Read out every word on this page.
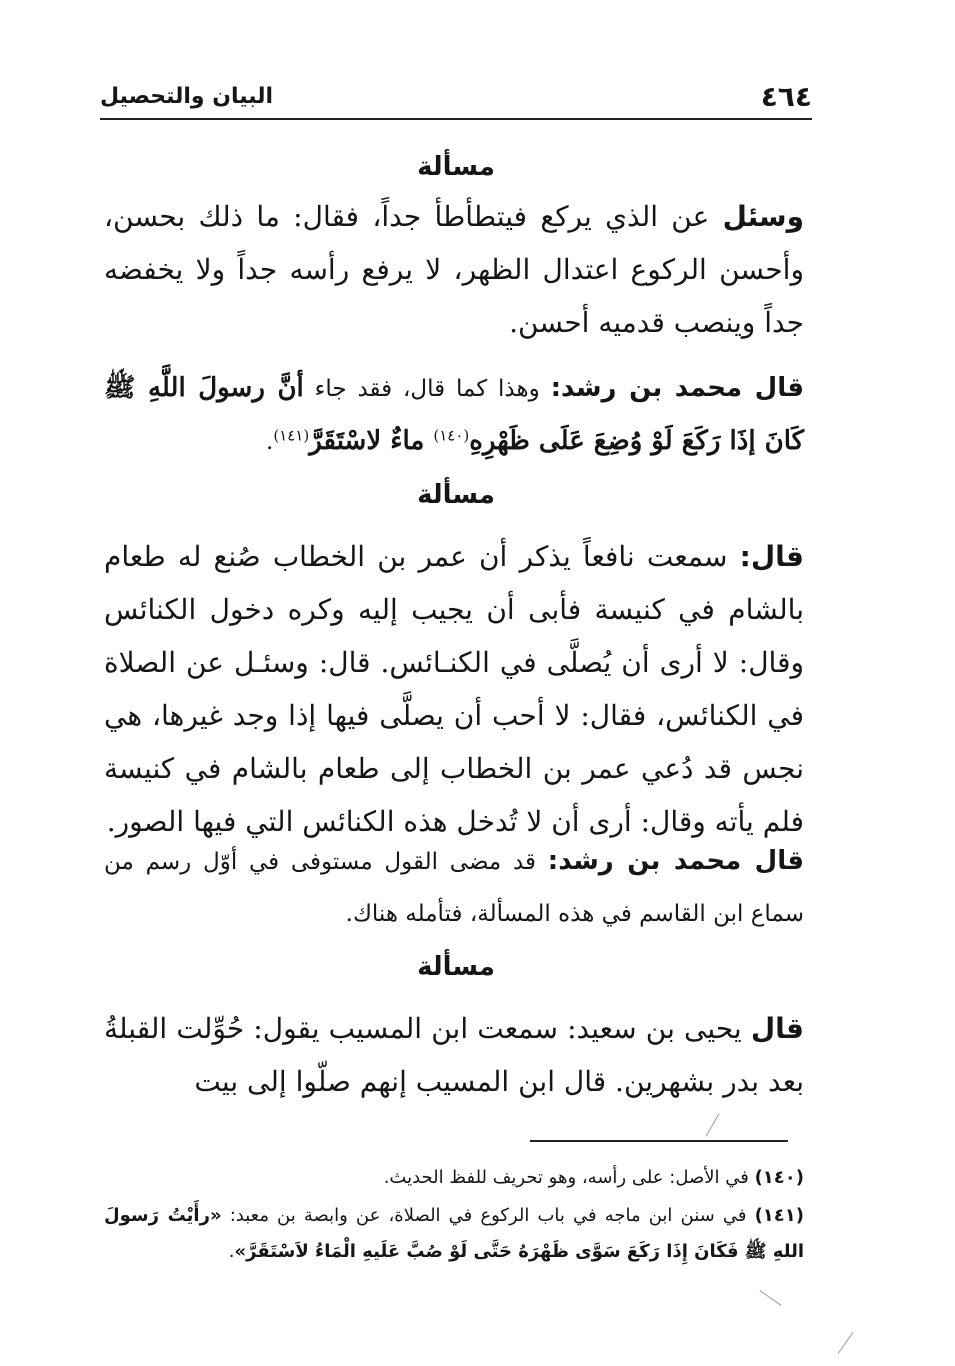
٤٦٤
البيان والتحصيل
مسألة

وسئل عن الذي يركع فيتطأطأ جداً، فقال: ما ذلك بحسن، وأحسن الركوع اعتدال الظهر، لا يرفع رأسه جداً ولا يخفضه جداً وينصب قدميه أحسن.

قال محمد بن رشد: وهذا كما قال، فقد جاء أنَّ رسولَ اللَّهِ ﷺ كَانَ إذَا رَكَعَ لَوْ وُضِعَ عَلَى ظَهْرِهِ$^{(١٤٠)}$ ماءٌ لاسْتَقَرَّ$^{(١٤١)}$.

مسألة

قال: سمعت نافعاً يذكر أن عمر بن الخطاب صُنع له طعام بالشام في كنيسة فأبى أن يجيب إليه وكره دخول الكنائس وقال: لا أرى أن يُصلَّى في الكنـائس. قال: وسئـل عن الصلاة في الكنائس، فقال: لا أحب أن يصلَّى فيها إذا وجد غيرها، هي نجس قد دُعي عمر بن الخطاب إلى طعام بالشام في كنيسة فلم يأته وقال: أرى أن لا تُدخل هذه الكنائس التي فيها الصور.

قال محمد بن رشد: قد مضى القول مستوفى في أوّل رسم من سماع ابن القاسم في هذه المسألة، فتأمله هناك.

مسألة

قال يحيى بن سعيد: سمعت ابن المسيب يقول: حُوِّلت القبلةُ بعد بدر بشهرين. قال ابن المسيب إنهم صلّوا إلى بيت

(١٤٠) في الأصل: على رأسه، وهو تحريف للفظ الحديث.

(١٤١) في سنن ابن ماجه في باب الركوع في الصلاة، عن وابصة بن معبد: «رأَيْتُ رَسولَ اللهِ ﷺ فَكَانَ إِذَا رَكَعَ سَوَّى ظَهْرَهُ حَتَّى لَوْ صُبَّ عَلَيهِ الْمَاءُ لاَسْتَقَرَّ».
